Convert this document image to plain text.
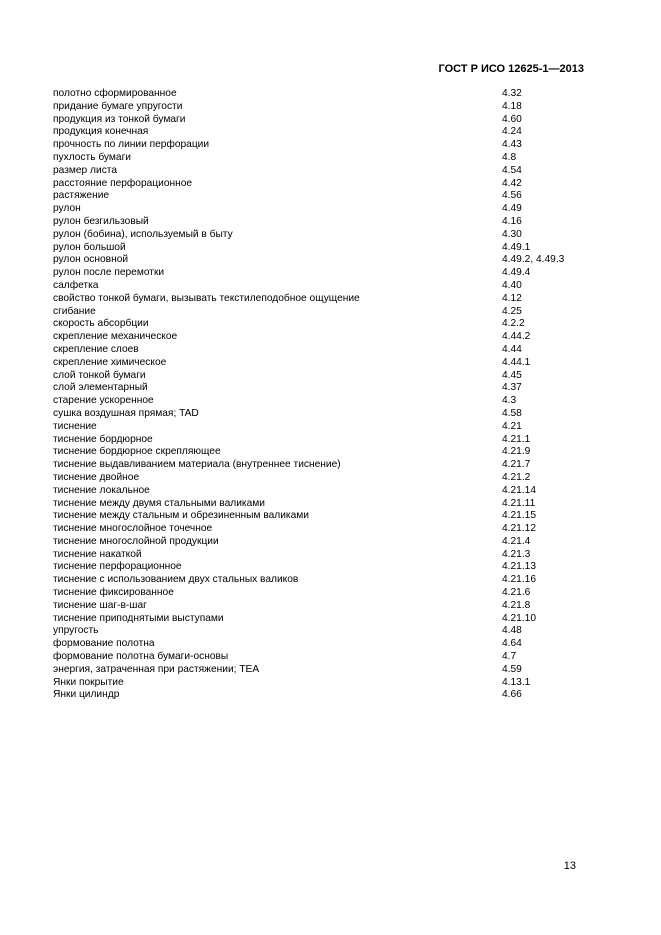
ГОСТ Р ИСО 12625-1—2013
полотно сформированное	4.32
придание бумаге упругости	4.18
продукция из тонкой бумаги	4.60
продукция конечная	4.24
прочность по линии перфорации	4.43
пухлость бумаги	4.8
размер листа	4.54
расстояние перфорационное	4.42
растяжение	4.56
рулон	4.49
рулон безгильзовый	4.16
рулон (бобина), используемый в быту	4.30
рулон большой	4.49.1
рулон основной	4.49.2, 4.49.3
рулон после перемотки	4.49.4
салфетка	4.40
свойство тонкой бумаги, вызывать текстилеподобное ощущение	4.12
сгибание	4.25
скорость абсорбции	4.2.2
скрепление механическое	4.44.2
скрепление слоев	4.44
скрепление химическое	4.44.1
слой тонкой бумаги	4.45
слой элементарный	4.37
старение ускоренное	4.3
сушка воздушная прямая; TAD	4.58
тиснение	4.21
тиснение бордюрное	4.21.1
тиснение бордюрное скрепляющее	4.21.9
тиснение выдавливанием материала (внутреннее тиснение)	4.21.7
тиснение двойное	4.21.2
тиснение локальное	4.21.14
тиснение между двумя стальными валиками	4.21.11
тиснение между стальным и обрезиненным валиками	4.21.15
тиснение многослойное точечное	4.21.12
тиснение многослойной продукции	4.21.4
тиснение накаткой	4.21.3
тиснение перфорационное	4.21.13
тиснение с использованием двух стальных валиков	4.21.16
тиснение фиксированное	4.21.6
тиснение шаг-в-шаг	4.21.8
тиснение приподнятыми выступами	4.21.10
упругость	4.48
формование полотна	4.64
формование полотна бумаги-основы	4.7
энергия, затраченная при растяжении; TEA	4.59
Янки покрытие	4.13.1
Янки цилиндр	4.66
13
